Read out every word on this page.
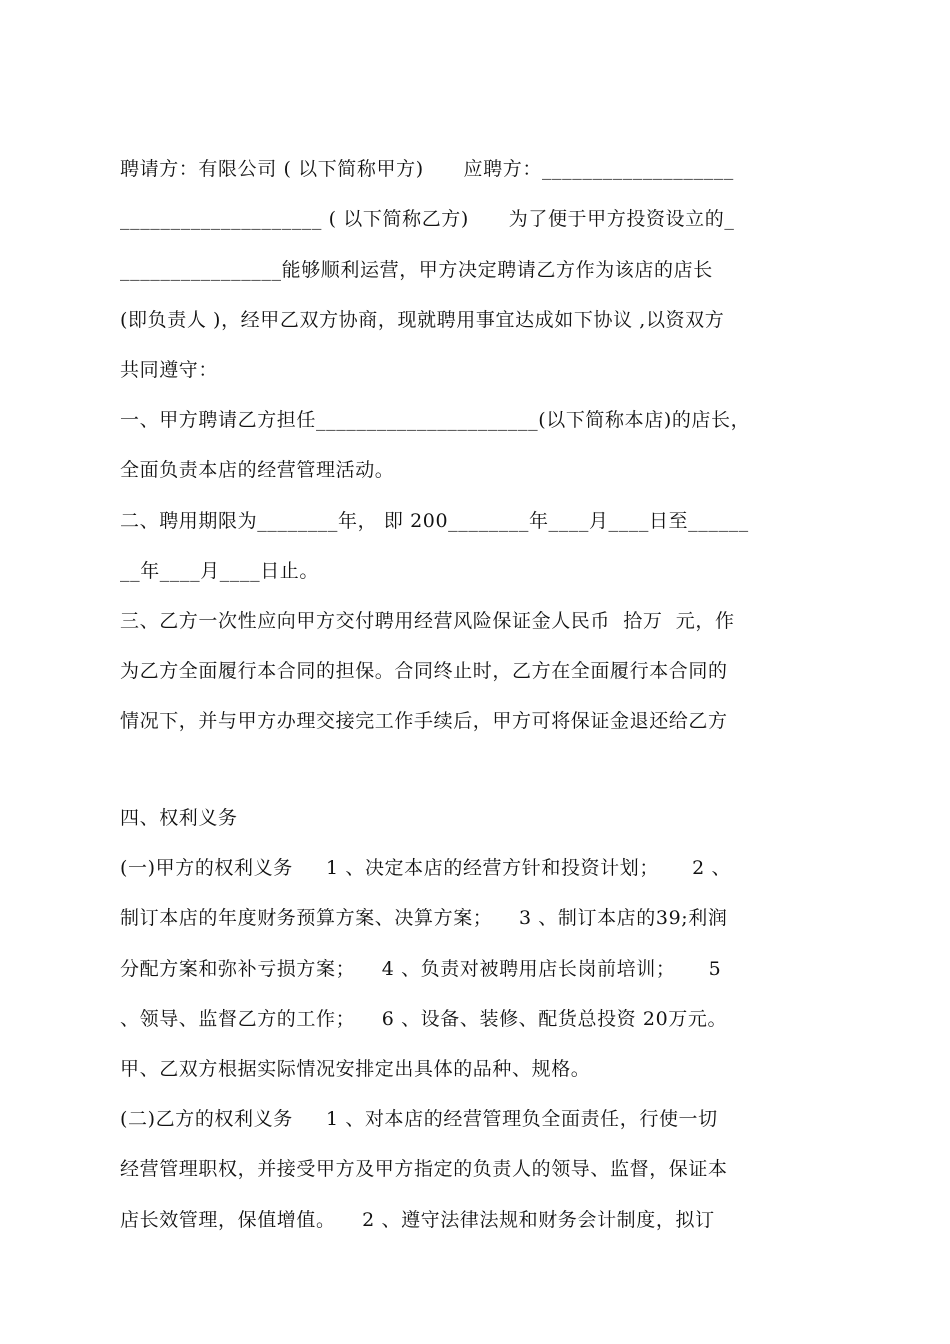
聘请方：有限公司 ( 以下简称甲方)      应聘方：___________________
____________________ ( 以下简称乙方)      为了便于甲方投资设立的_
________________能够顺利运营，甲方决定聘请乙方作为该店的店长
(即负责人 )，经甲乙双方协商，现就聘用事宜达成如下协议 ,以资双方
共同遵守：
一、甲方聘请乙方担任______________________(以下简称本店)的店长，
全面负责本店的经营管理活动。
二、聘用期限为________年， 即 200________年____月____日至______
__年____月____日止。
三、乙方一次性应向甲方交付聘用经营风险保证金人民币  拾万  元，作
为乙方全面履行本合同的担保。合同终止时，乙方在全面履行本合同的
情况下，并与甲方办理交接完工作手续后，甲方可将保证金退还给乙方
四、权利义务
(一)甲方的权利义务     1 、决定本店的经营方针和投资计划；     2 、
制订本店的年度财务预算方案、决算方案；    3 、制订本店的39;利润
分配方案和弥补亏损方案；    4 、负责对被聘用店长岗前培训；     5
、领导、监督乙方的工作；    6 、设备、装修、配货总投资 20万元。
甲、乙双方根据实际情况安排定出具体的品种、规格。
(二)乙方的权利义务     1 、对本店的经营管理负全面责任，行使一切
经营管理职权，并接受甲方及甲方指定的负责人的领导、监督，保证本
店长效管理，保值增值。    2 、遵守法律法规和财务会计制度，拟订
